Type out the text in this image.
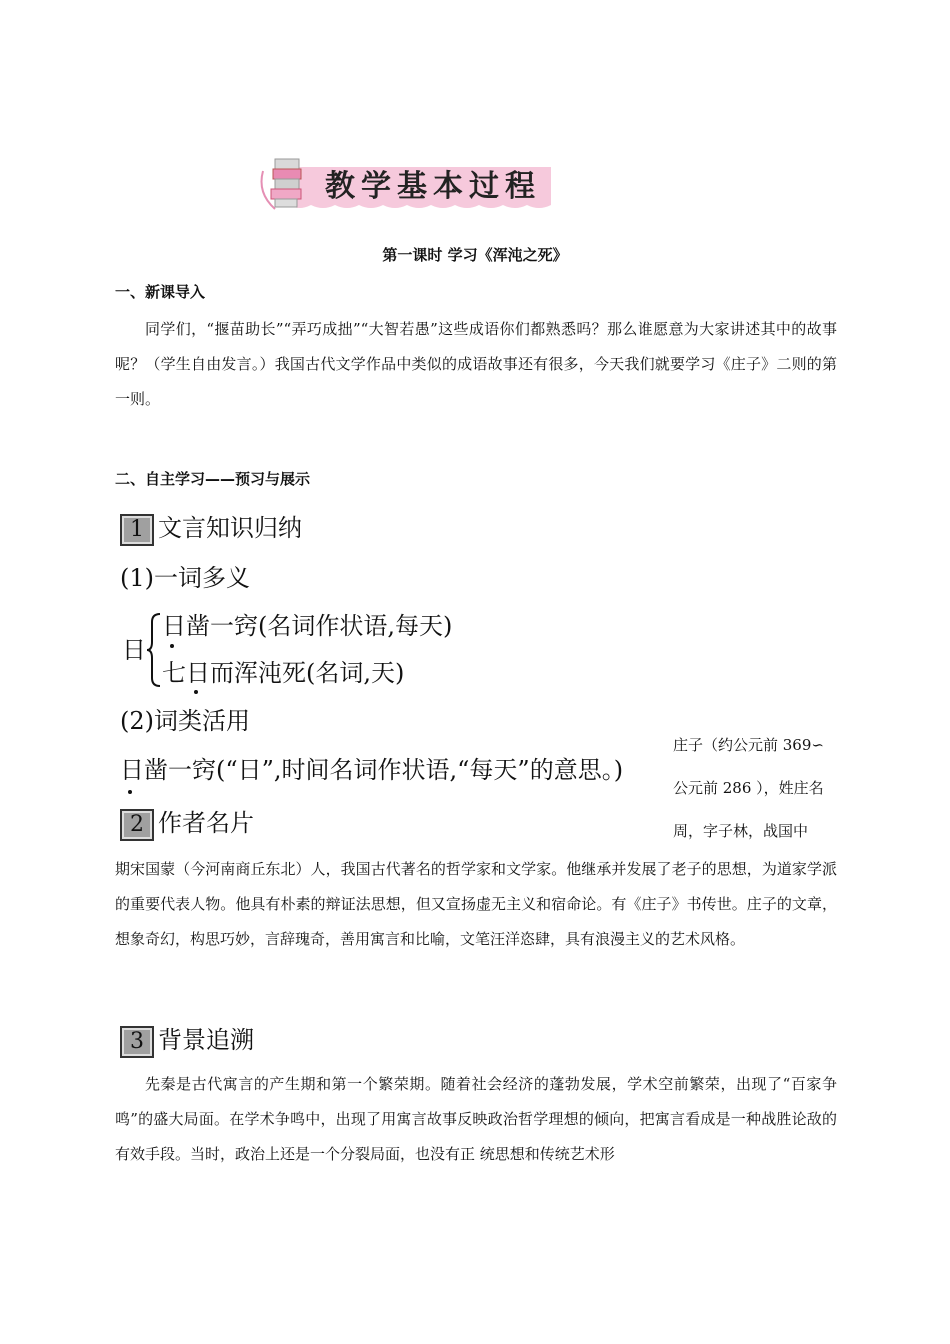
教学基本过程
第一课时 学习《浑沌之死》
一、新课导入
同学们，“揠苗助长”“弄巧成拙”“大智若愚”这些成语你们都熟悉吗？那么谁愿意为大家讲述其中的故事呢？（学生自由发言。）我国古代文学作品中类似的成语故事还有很多，今天我们就要学习《庄子》二则的第一则。
二、自主学习——预习与展示
1 文言知识归纳
(1)一词多义
日
日凿一窍(名词作状语,每天)
七日而浑沌死(名词,天)
(2)词类活用
日凿一窍(“日”,时间名词作状语,“每天”的意思。)
2 作者名片
庄子（约公元前 369∽
公元前 286 ），姓庄名
周，字子林，战国中
期宋国蒙（今河南商丘东北）人，我国古代著名的哲学家和文学家。他继承并发展了老子的思想，为道家学派的重要代表人物。他具有朴素的辩证法思想，但又宣扬虚无主义和宿命论。有《庄子》书传世。庄子的文章，想象奇幻，构思巧妙，言辞瑰奇，善用寓言和比喻，文笔汪洋恣肆，具有浪漫主义的艺术风格。
3 背景追溯
先秦是古代寓言的产生期和第一个繁荣期。随着社会经济的蓬勃发展，学术空前繁荣，出现了“百家争鸣”的盛大局面。在学术争鸣中，出现了用寓言故事反映政治哲学理想的倾向，把寓言看成是一种战胜论敌的 有效手段。当时，政治上还是一个分裂局面，也没有正 统思想和传统艺术形
